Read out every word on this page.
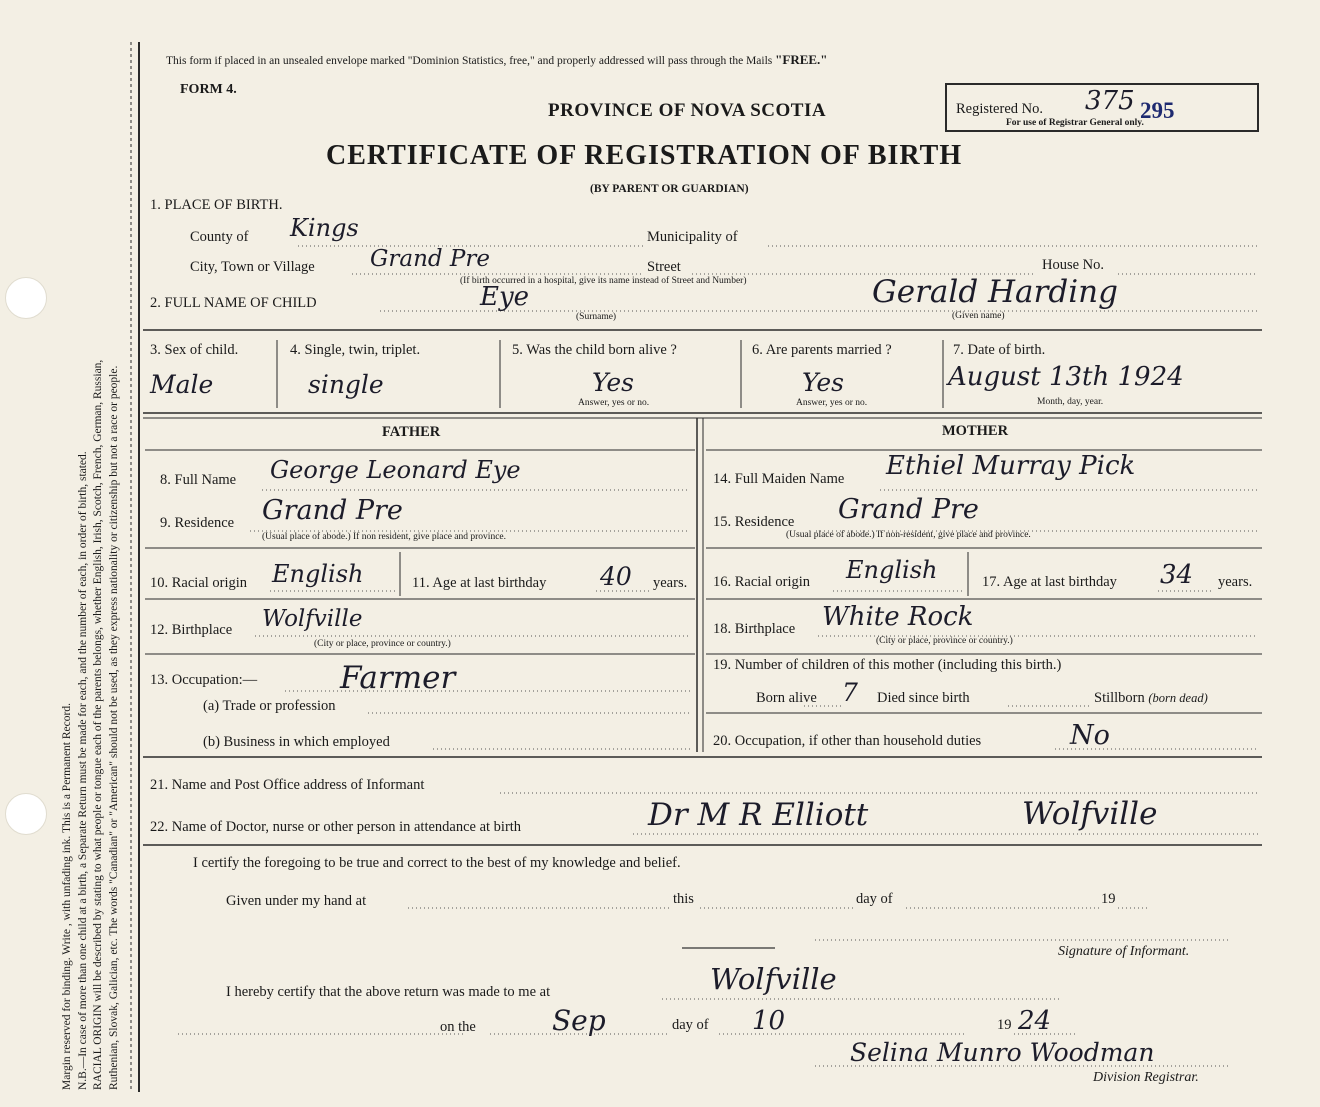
Margin reserved for binding. Write , with unfading ink. This is a Permanent Record. N.B.—In case of more than one child at a birth, a Separate Return must be made for each, and the number of each, in order of birth, stated. RACIAL ORIGIN will be described by stating to what people or tongue each of the parents belongs, whether English, Irish, Scotch, French, German, Russian, Ruthenian, Slovak, Galician, etc. The words "Canadian" or "American" should not be used, as they express nationality or citizenship but not a race or people.
This form if placed in an unsealed envelope marked "Dominion Statistics, free," and properly addressed will pass through the Mails "FREE."
FORM 4.
PROVINCE OF NOVA SCOTIA
CERTIFICATE OF REGISTRATION OF BIRTH
(BY PARENT OR GUARDIAN)
Registered No. 375 295
For use of Registrar General only.
1. PLACE OF BIRTH.
County of Kings	Municipality of
City, Town or Village Grand Pre	Street	House No.
(If birth occurred in a hospital, give its name instead of Street and Number)
2. FULL NAME OF CHILD	Eye
(Surname)
Gerald Harding
(Given name)
3. Sex of child.
Male
4. Single, twin, triplet.
single
5. Was the child born alive ?
Yes
Answer, yes or no.
6. Are parents married ?
Yes
Answer, yes or no.
7. Date of birth.
August 13th 1924
Month, day, year.
FATHER
8. Full Name George Leonard Eye
9. Residence Grand Pre
(Usual place of abode.) If non resident, give place and province.
10. Racial origin English	11. Age at last birthday 40 years.
12. Birthplace Wolfville
(City or place, province or country.)
13. Occupation:—	Farmer
(a) Trade or profession
(b) Business in which employed
MOTHER
14. Full Maiden Name Ethiel Murray Pick
15. Residence Grand Pre
(Usual place of abode.) If non-resident, give place and province.
16. Racial origin English	17. Age at last birthday 34 years.
18. Birthplace White Rock
(City or place, province or country.)
19. Number of children of this mother (including this birth.)
Born alive 7 Died since birth	Stillborn (born dead)
20. Occupation, if other than household duties	No
21. Name and Post Office address of Informant
22. Name of Doctor, nurse or other person in attendance at birth	Dr M R Elliott	Wolfville
I certify the foregoing to be true and correct to the best of my knowledge and belief.
Given under my hand at	this	day of	19
Signature of Informant.
I hereby certify that the above return was made to me at	Wolfville
on the	Sep	day of 10	19 24
Selina Munro Woodman
Division Registrar.
